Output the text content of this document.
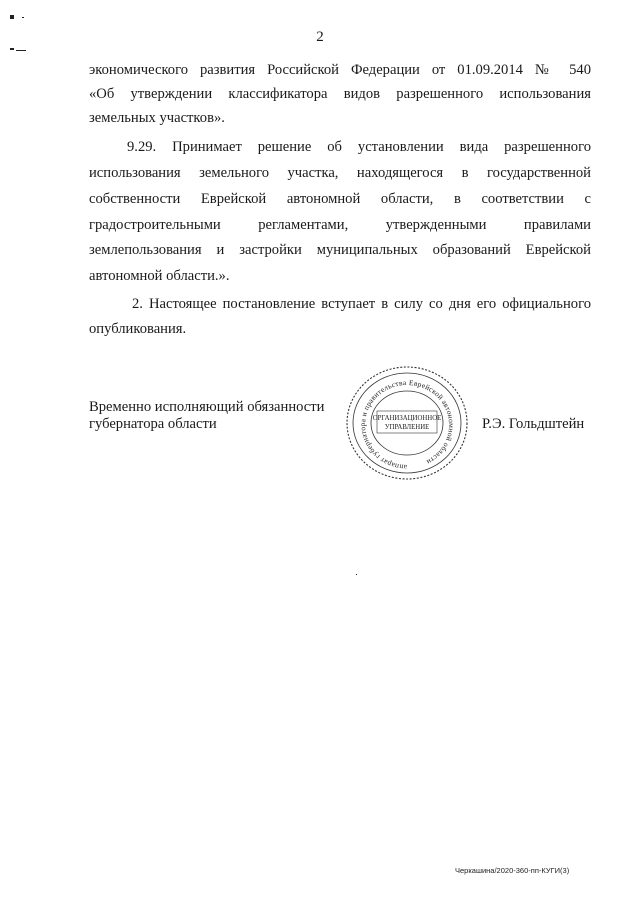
2
экономического развития Российской Федерации от 01.09.2014 № 540
«Об утверждении классификатора видов разрешенного использования
земельных участков».
9.29. Принимает решение об установлении вида разрешенного
использования земельного участка, находящегося в государственной
собственности Еврейской автономной области, в соответствии с
градостроительными регламентами, утвержденными правилами
землепользования и застройки муниципальных образований Еврейской
автономной области.».
2. Настоящее постановление вступает в силу со дня его официального
опубликования.
Временно исполняющий обязанности
губернатора области	Р.Э. Гольдштейн
аппарат губернатора и правительства Еврейской автономной области
ОРГАНИЗАЦИОННОЕ
УПРАВЛЕНИЕ
Черкашина/2020-360-пп-КУГИ(3)
